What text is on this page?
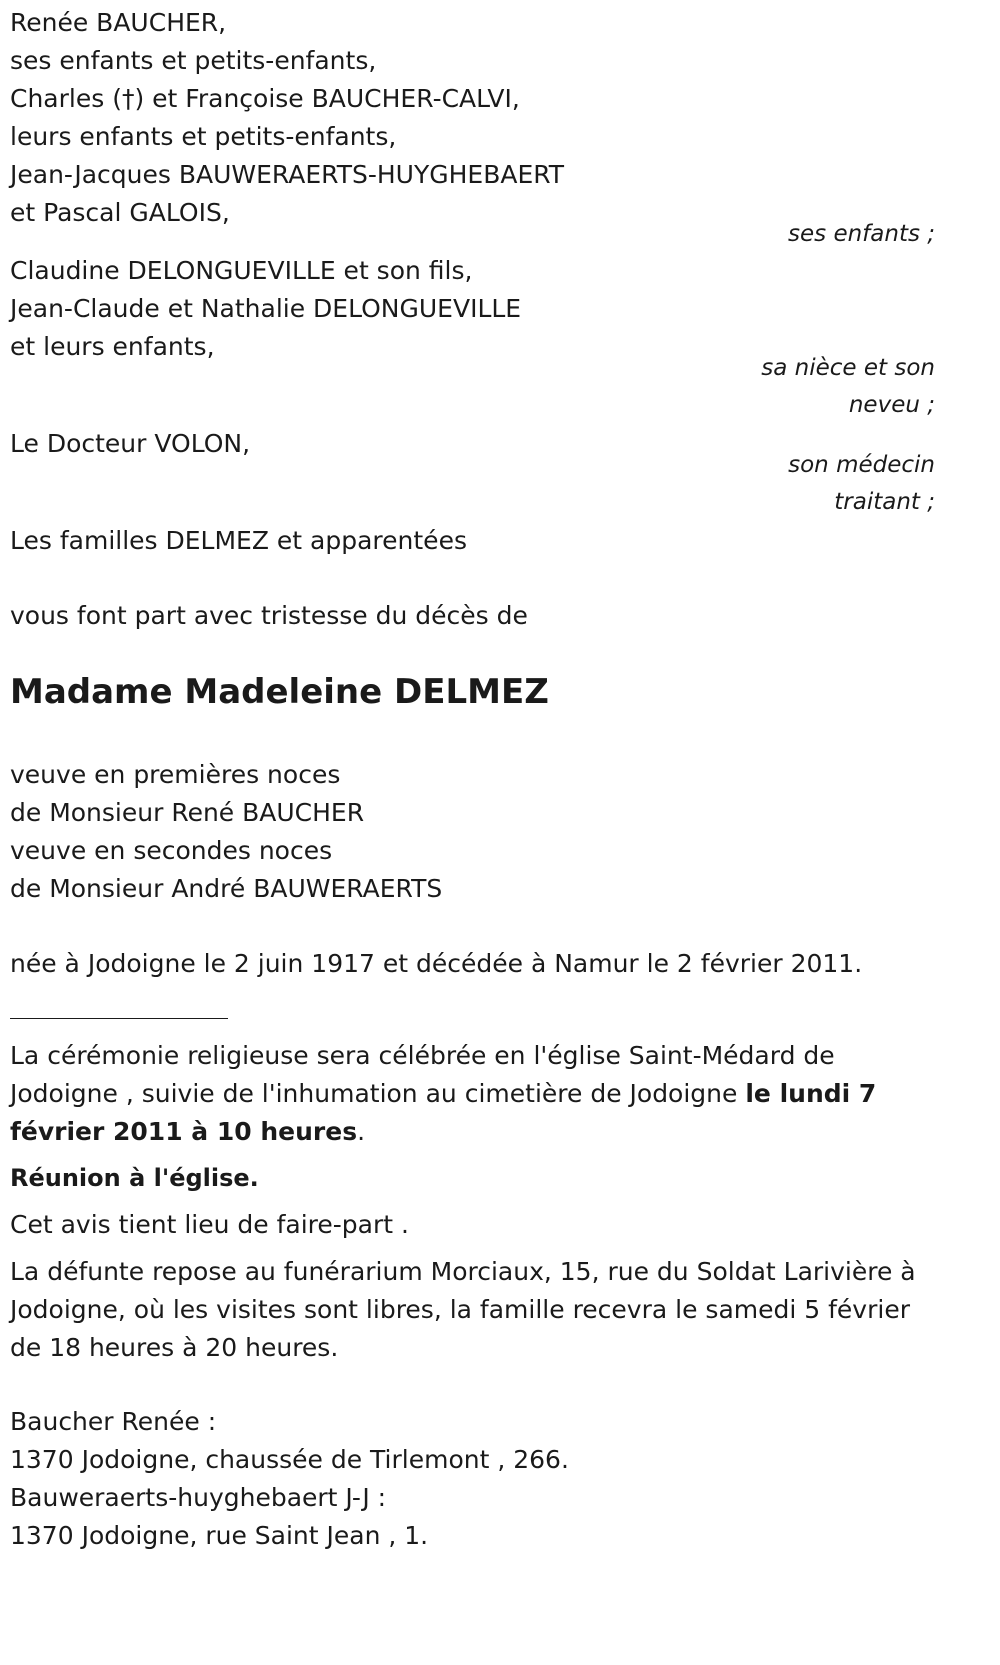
Renée BAUCHER,
ses enfants et petits-enfants,
Charles (†) et Françoise BAUCHER-CALVI,
leurs enfants et petits-enfants,
Jean-Jacques BAUWERAERTS-HUYGHEBAERT
et Pascal GALOIS,
ses enfants ;
Claudine DELONGUEVILLE et son fils,
Jean-Claude et Nathalie DELONGUEVILLE
et leurs enfants,
sa nièce et son
neveu ;
Le Docteur VOLON,
son médecin
traitant ;
Les familles DELMEZ et apparentées
vous font part avec tristesse du décès de
Madame Madeleine DELMEZ
veuve en premières noces
de Monsieur René BAUCHER
veuve en secondes noces
de Monsieur André BAUWERAERTS
née à Jodoigne le 2 juin 1917 et décédée à Namur le 2 février 2011.
La cérémonie religieuse sera célébrée en l'église Saint-Médard de
Jodoigne , suivie de l'inhumation au cimetière de Jodoigne le lundi 7
février 2011 à 10 heures.
Réunion à l'église.
Cet avis tient lieu de faire-part .
La défunte repose au funérarium Morciaux, 15, rue du Soldat Larivière à
Jodoigne, où les visites sont libres, la famille recevra le samedi 5 février
de 18 heures à 20 heures.
Baucher Renée :
1370 Jodoigne, chaussée de Tirlemont , 266.
Bauweraerts-huyghebaert J-J :
1370 Jodoigne, rue Saint Jean , 1.
